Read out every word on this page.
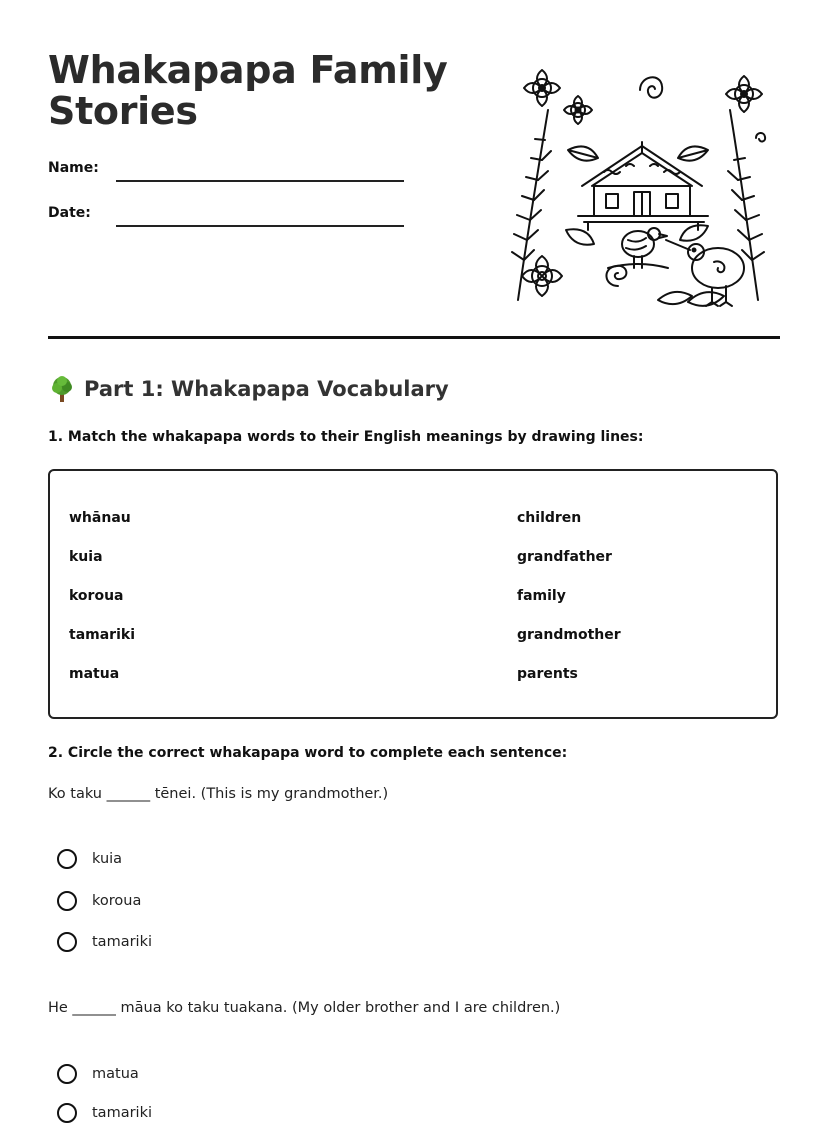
Whakapapa Family Stories
Name:
Date:
Part 1: Whakapapa Vocabulary
1. Match the whakapapa words to their English meanings by drawing lines:
whānau
kuia
koroua
tamariki
matua
children
grandfather
family
grandmother
parents
2. Circle the correct whakapapa word to complete each sentence:
Ko taku ______ tēnei. (This is my grandmother.)
kuia
koroua
tamariki
He ______ māua ko taku tuakana. (My older brother and I are children.)
matua
tamariki
